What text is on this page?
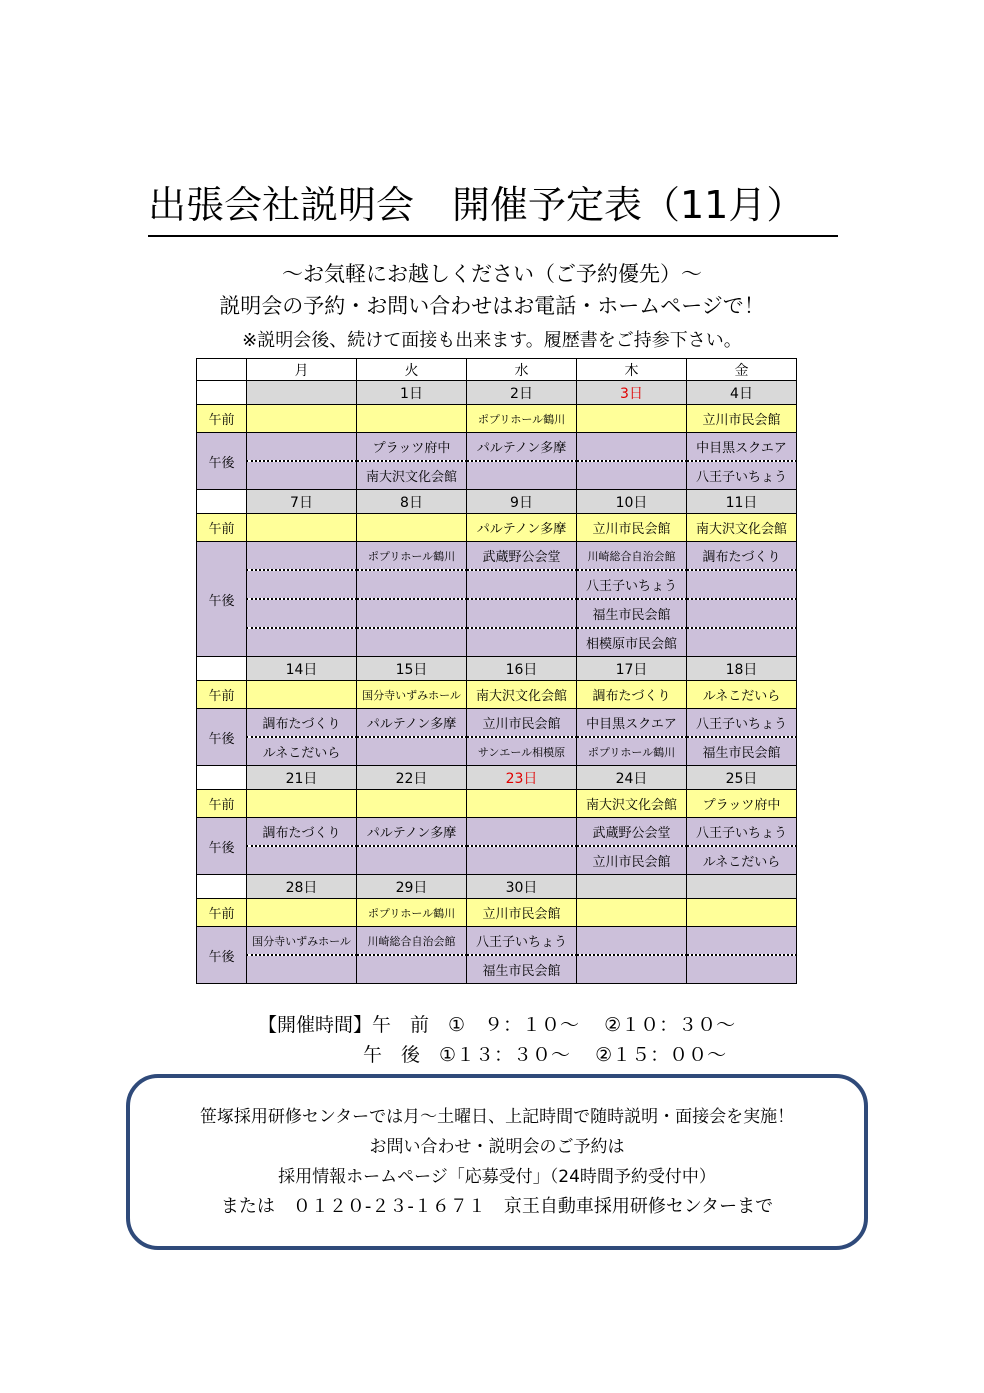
出張会社説明会　開催予定表（11月）
～お気軽にお越しください（ご予約優先）～
説明会の予約・お問い合わせはお電話・ホームページで！
※説明会後、続けて面接も出来ます。履歴書をご持参下さい。
	月	火	水	木	金
		1日	2日	3日	4日
午前			ポプリホール鶴川		立川市民会館
午後		プラッツ府中	パルテノン多摩		中目黒スクエア
		南大沢文化会館			八王子いちょう
	7日	8日	9日	10日	11日
午前			パルテノン多摩	立川市民会館	南大沢文化会館
午後		ポプリホール鶴川	武蔵野公会堂	川崎総合自治会館	調布たづくり
				八王子いちょう	
				福生市民会館	
				相模原市民会館	
	14日	15日	16日	17日	18日
午前		国分寺いずみホール	南大沢文化会館	調布たづくり	ルネこだいら
午後	調布たづくり	パルテノン多摩	立川市民会館	中目黒スクエア	八王子いちょう
	ルネこだいら		サンエール相模原	ポプリホール鶴川	福生市民会館
	21日	22日	23日	24日	25日
午前				南大沢文化会館	プラッツ府中
午後	調布たづくり	パルテノン多摩		武蔵野公会堂	八王子いちょう
				立川市民会館	ルネこだいら
	28日	29日	30日		
午前		ポプリホール鶴川	立川市民会館		
午後	国分寺いずみホール	川崎総合自治会館	八王子いちょう		
			福生市民会館		
【開催時間】午　前　①　９：１０～　 ②１０：３０～
午　後　①１３：３０～　 ②１５：００～
笹塚採用研修センターでは月～土曜日、上記時間で随時説明・面接会を実施！
お問い合わせ・説明会のご予約は
採用情報ホームページ「応募受付」（24時間予約受付中）
または　０１２０-２３-１６７１　京王自動車採用研修センターまで
